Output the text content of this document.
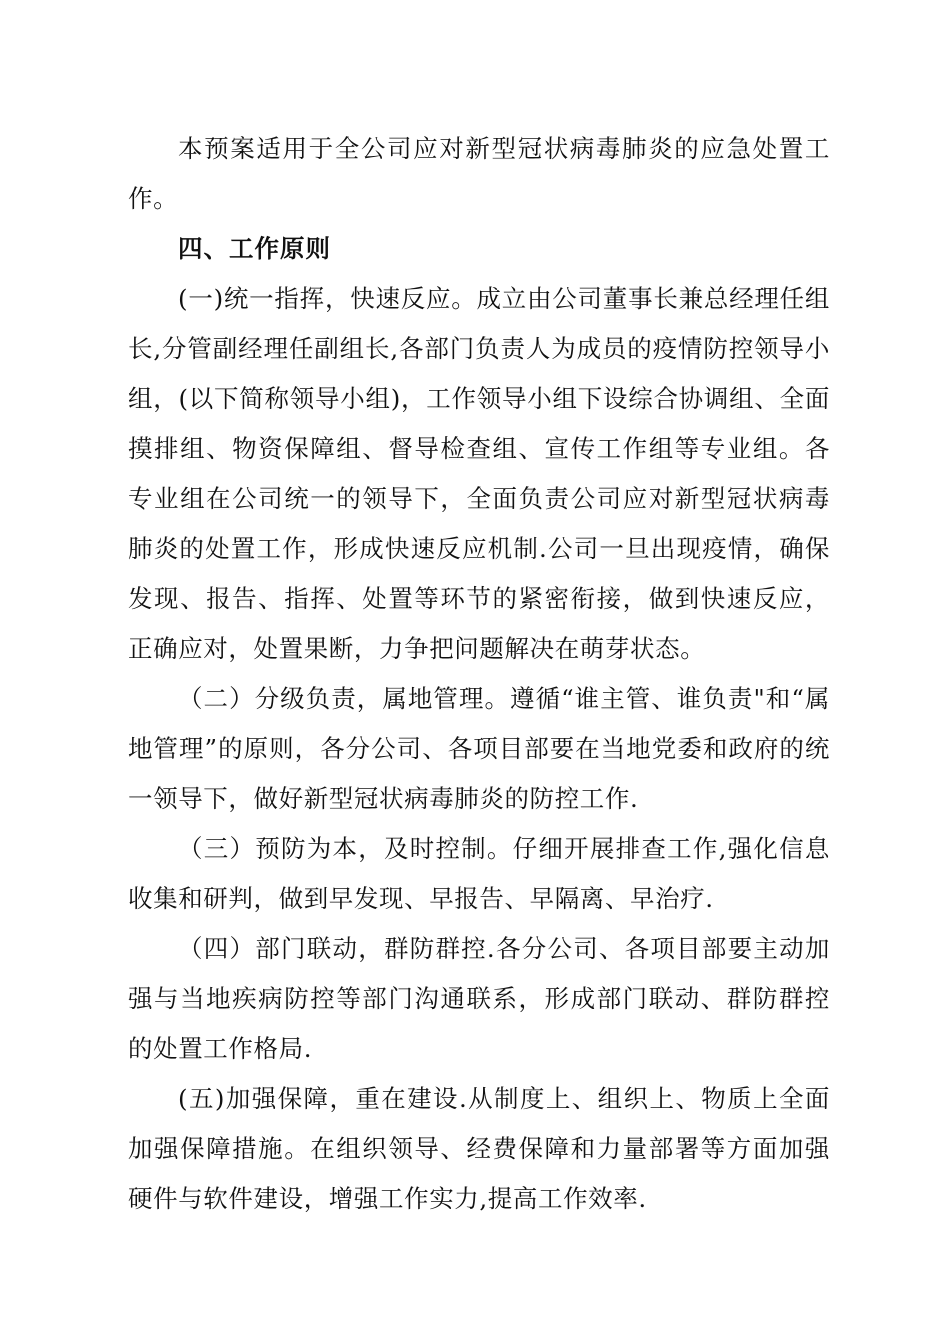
本预案适用于全公司应对新型冠状病毒肺炎的应急处置工作。

四、工作原则

(一)统一指挥，快速反应。成立由公司董事长兼总经理任组长,分管副经理任副组长,各部门负责人为成员的疫情防控领导小组，(以下简称领导小组)，工作领导小组下设综合协调组、全面摸排组、物资保障组、督导检查组、宣传工作组等专业组。各专业组在公司统一的领导下，全面负责公司应对新型冠状病毒肺炎的处置工作，形成快速反应机制.公司一旦出现疫情，确保发现、报告、指挥、处置等环节的紧密衔接，做到快速反应，正确应对，处置果断，力争把问题解决在萌芽状态。

（二）分级负责，属地管理。遵循“谁主管、谁负责"和“属地管理”的原则，各分公司、各项目部要在当地党委和政府的统一领导下，做好新型冠状病毒肺炎的防控工作.

（三）预防为本，及时控制。仔细开展排查工作,强化信息收集和研判，做到早发现、早报告、早隔离、早治疗.

（四）部门联动，群防群控.各分公司、各项目部要主动加强与当地疾病防控等部门沟通联系，形成部门联动、群防群控的处置工作格局.

(五)加强保障，重在建设.从制度上、组织上、物质上全面加强保障措施。在组织领导、经费保障和力量部署等方面加强硬件与软件建设，增强工作实力,提高工作效率.
